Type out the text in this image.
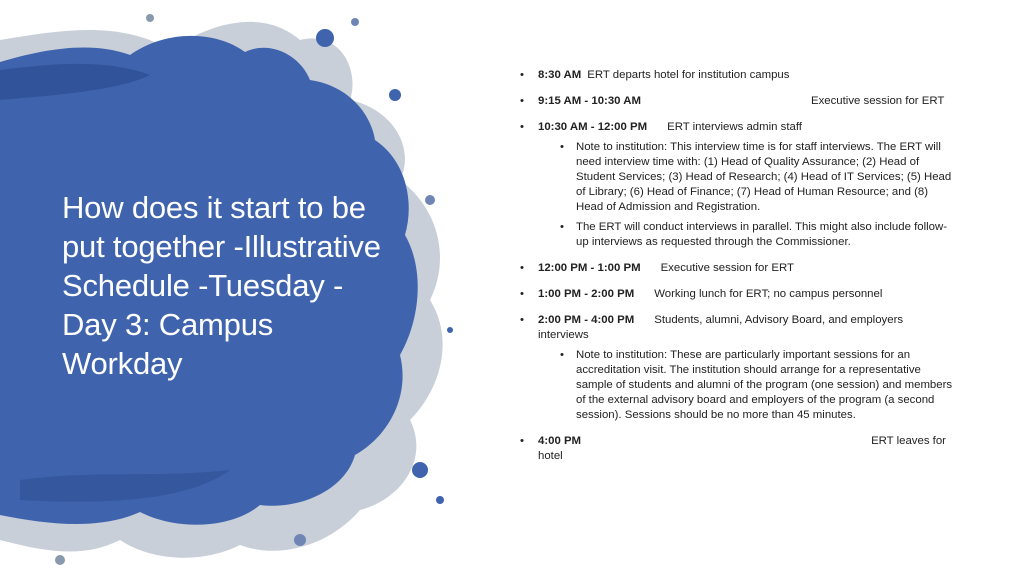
How does it start to be put together -Illustrative Schedule -Tuesday - Day 3: Campus Workday
• 8:30 AM ERT departs hotel for institution campus
• 9:15 AM - 10:30 AM	Executive session for ERT
• 10:30 AM - 12:00 PM ERT interviews admin staff
• Note to institution: This interview time is for staff interviews. The ERT will need interview time with: (1) Head of Quality Assurance; (2) Head of Student Services; (3) Head of Research; (4) Head of IT Services; (5) Head of Library; (6) Head of Finance; (7) Head of Human Resource; and (8) Head of Admission and Registration.
• The ERT will conduct interviews in parallel. This might also include follow-up interviews as requested through the Commissioner.
• 12:00 PM - 1:00 PM Executive session for ERT
• 1:00 PM - 2:00 PM Working lunch for ERT; no campus personnel
• 2:00 PM - 4:00 PM Students, alumni, Advisory Board, and employers interviews
• Note to institution: These are particularly important sessions for an accreditation visit. The institution should arrange for a representative sample of students and alumni of the program (one session) and members of the external advisory board and employers of the program (a second session). Sessions should be no more than 45 minutes.
• 4:00 PM	ERT leaves for hotel
